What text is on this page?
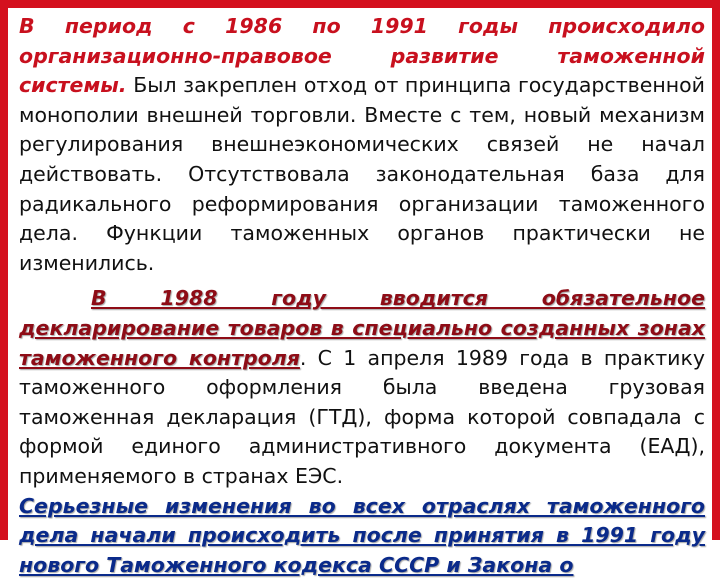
В период с 1986 по 1991 годы происходило организационно-правовое развитие таможенной системы. Был закреплен отход от принципа государственной монополии внешней торговли. Вместе с тем, новый механизм регулирования внешнеэкономических связей не начал действовать. Отсутствовала законодательная база для радикального реформирования организации таможенного дела. Функции таможенных органов практически не изменились.

В 1988 году вводится обязательное декларирование товаров в специально созданных зонах таможенного контроля. С 1 апреля 1989 года в практику таможенного оформления была введена грузовая таможенная декларация (ГТД), форма которой совпадала с формой единого административного документа (ЕАД), применяемого в странах ЕЭС.

Серьезные изменения во всех отраслях таможенного дела начали происходить после принятия в 1991 году нового Таможенного кодекса СССР и Закона о
